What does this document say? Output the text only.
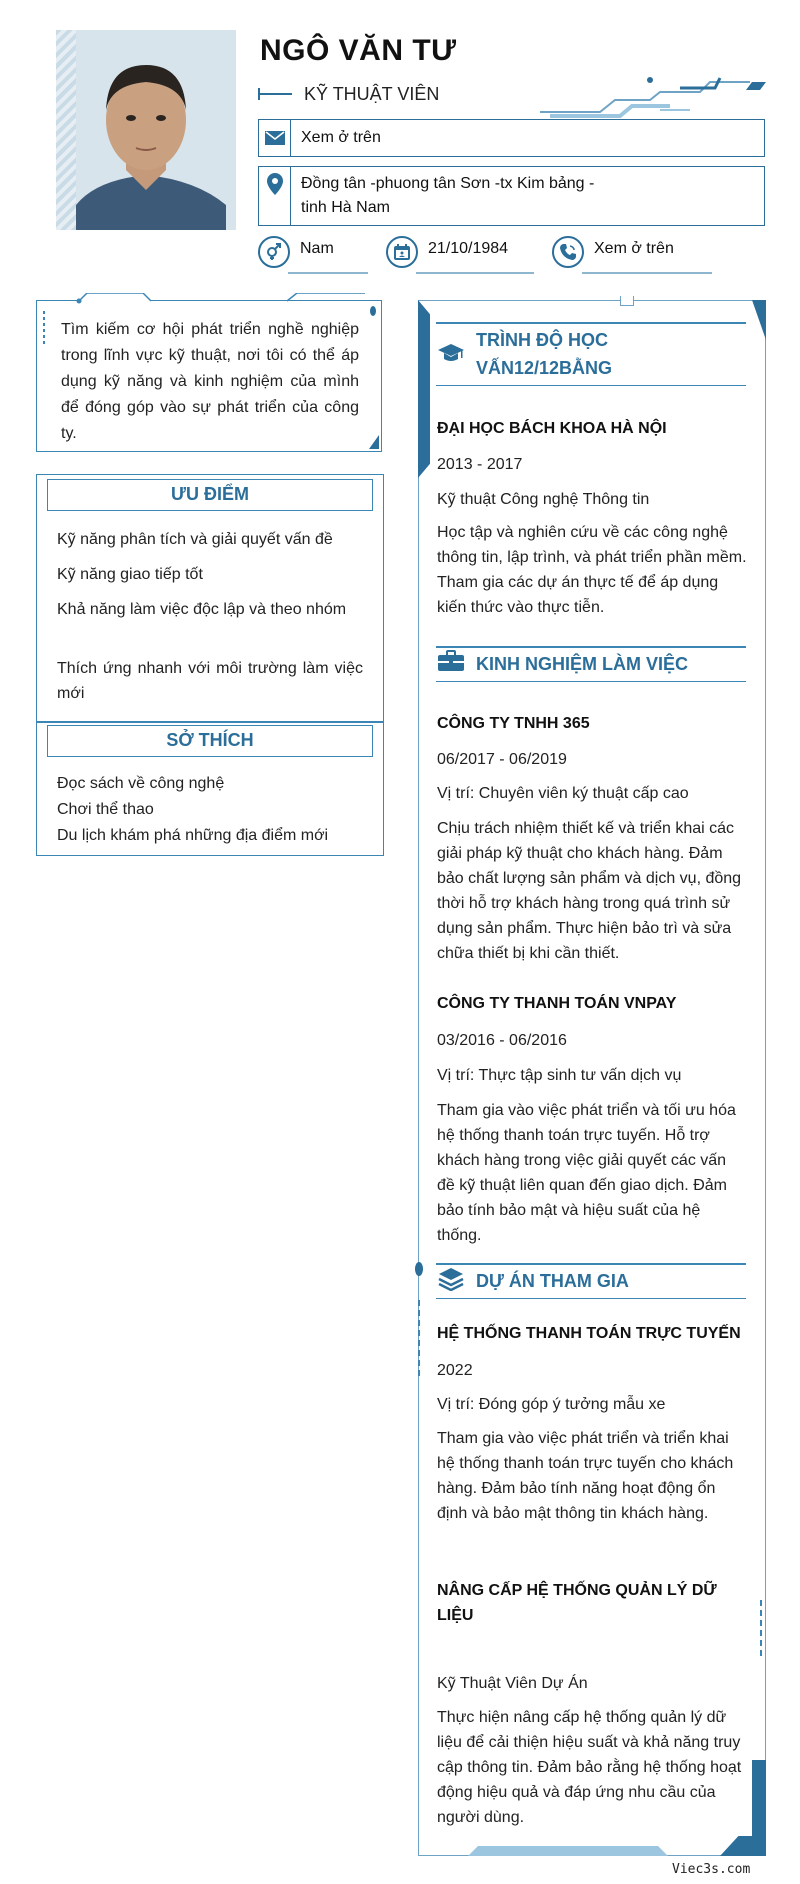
NGÔ VĂN TƯ
KỸ THUẬT VIÊN
Xem ở trên
Đồng tân -phuong tân Sơn -tx Kim bảng -
tinh Hà Nam
Nam	21/10/1984	Xem ở trên
Tìm kiếm cơ hội phát triển nghề nghiệp trong lĩnh vực kỹ thuật, nơi tôi có thể áp dụng kỹ năng và kinh nghiệm của mình để đóng góp vào sự phát triển của công ty.
ƯU ĐIỂM
Kỹ năng phân tích và giải quyết vấn đề
Kỹ năng giao tiếp tốt
Khả năng làm việc độc lập và theo nhóm
Thích ứng nhanh với môi trường làm việc mới
SỞ THÍCH
Đọc sách về công nghệ
Chơi thể thao
Du lịch khám phá những địa điểm mới
TRÌNH ĐỘ HỌC
VẤN12/12BẰNG
ĐẠI HỌC BÁCH KHOA HÀ NỘI
2013 - 2017
Kỹ thuật Công nghệ Thông tin
Học tập và nghiên cứu về các công nghệ thông tin, lập trình, và phát triển phần mềm. Tham gia các dự án thực tế để áp dụng kiến thức vào thực tiễn.
KINH NGHIỆM LÀM VIỆC
CÔNG TY TNHH 365
06/2017 - 06/2019
Vị trí: Chuyên viên ký thuật cấp cao
Chịu trách nhiệm thiết kế và triển khai các giải pháp kỹ thuật cho khách hàng. Đảm bảo chất lượng sản phẩm và dịch vụ, đồng thời hỗ trợ khách hàng trong quá trình sử dụng sản phẩm. Thực hiện bảo trì và sửa chữa thiết bị khi cần thiết.
CÔNG TY THANH TOÁN VNPAY
03/2016 - 06/2016
Vị trí: Thực tập sinh tư vấn dịch vụ
Tham gia vào việc phát triển và tối ưu hóa hệ thống thanh toán trực tuyến. Hỗ trợ khách hàng trong việc giải quyết các vấn đề kỹ thuật liên quan đến giao dịch. Đảm bảo tính bảo mật và hiệu suất của hệ thống.
DỰ ÁN THAM GIA
HỆ THỐNG THANH TOÁN TRỰC TUYẾN
2022
Vị trí: Đóng góp ý tưởng mẫu xe
Tham gia vào việc phát triển và triển khai hệ thống thanh toán trực tuyến cho khách hàng. Đảm bảo tính năng hoạt động ổn định và bảo mật thông tin khách hàng.
NÂNG CẤP HỆ THỐNG QUẢN LÝ DỮ LIỆU
Kỹ Thuật Viên Dự Án
Thực hiện nâng cấp hệ thống quản lý dữ liệu để cải thiện hiệu suất và khả năng truy cập thông tin. Đảm bảo rằng hệ thống hoạt động hiệu quả và đáp ứng nhu cầu của người dùng.
Viec3s.com
